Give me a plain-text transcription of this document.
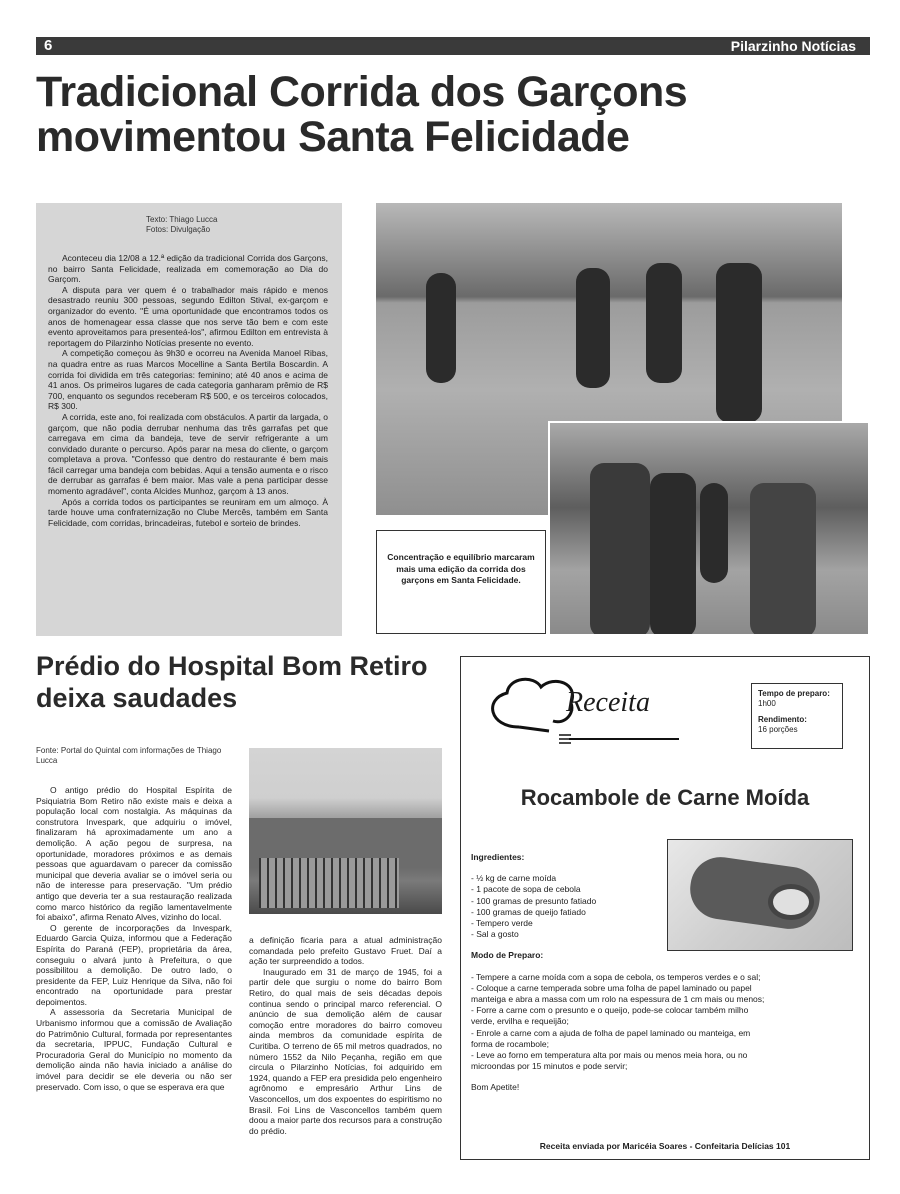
6	Pilarzinho Notícias
Tradicional Corrida dos Garçons movimentou Santa Felicidade
Texto: Thiago Lucca
Fotos: Divulgação

Aconteceu dia 12/08 a 12.ª edição da tradicional Corrida dos Garçons, no bairro Santa Felicidade, realizada em comemoração ao Dia do Garçom.

A disputa para ver quem é o trabalhador mais rápido e menos desastrado reuniu 300 pessoas, segundo Edilton Stival, ex-garçom e organizador do evento. "É uma oportunidade que encontramos todos os anos de homenagear essa classe que nos serve tão bem e com este evento aproveitamos para presenteá-los", afirmou Edilton em entrevista à reportagem do Pilarzinho Notícias presente no evento.

A competição começou às 9h30 e ocorreu na Avenida Manoel Ribas, na quadra entre as ruas Marcos Mocelline a Santa Bertila Boscardin. A corrida foi dividida em três categorias: feminino; até 40 anos e acima de 41 anos. Os primeiros lugares de cada categoria ganharam prêmio de R$ 700, enquanto os segundos receberam R$ 500, e os terceiros colocados, R$ 300.

A corrida, este ano, foi realizada com obstáculos. A partir da largada, o garçom, que não podia derrubar nenhuma das três garrafas pet que carregava em cima da bandeja, teve de servir refrigerante a um convidado durante o percurso. Após parar na mesa do cliente, o garçom completava a prova. "Confesso que dentro do restaurante é bem mais fácil carregar uma bandeja com bebidas. Aqui a tensão aumenta e o risco de derrubar as garrafas é bem maior. Mas vale a pena participar desse momento agradável", conta Alcides Munhoz, garçom à 13 anos.

Após a corrida todos os participantes se reuniram em um almoço. À tarde houve uma confraternização no Clube Mercês, também em Santa Felicidade, com corridas, brincadeiras, futebol e sorteio de brindes.

Concentração e equilíbrio marcaram mais uma edição da corrida dos garçons em Santa Felicidade.
Prédio do Hospital Bom Retiro deixa saudades
Fonte: Portal do Quintal com informações de Thiago Lucca

O antigo prédio do Hospital Espírita de Psiquiatria Bom Retiro não existe mais e deixa a população local com nostalgia. As máquinas da construtora Invespark, que adquiriu o imóvel, finalizaram há aproximadamente um ano a demolição. A ação pegou de surpresa, na oportunidade, moradores próximos e as demais pessoas que aguardavam o parecer da comissão municipal que deveria avaliar se o imóvel seria ou não de interesse para preservação. "Um prédio antigo que deveria ter a sua restauração realizada como marco histórico da região lamentavelmente foi abaixo", afirma Renato Alves, vizinho do local.

O gerente de incorporações da Invespark, Eduardo Garcia Quiza, informou que a Federação Espírita do Paraná (FEP), proprietária da área, conseguiu o alvará junto à Prefeitura, o que possibilitou a demolição. De outro lado, o presidente da FEP, Luiz Henrique da Silva, não foi encontrado na oportunidade para prestar depoimentos.

A assessoria da Secretaria Municipal de Urbanismo informou que a comissão de Avaliação do Patrimônio Cultural, formada por representantes da secretaria, IPPUC, Fundação Cultural e Procuradoria Geral do Município no momento da demolição ainda não havia iniciado a análise do imóvel para decidir se ele deveria ou não ser preservado. Com isso, o que se esperava era que

a definição ficaria para a atual administração comandada pelo prefeito Gustavo Fruet. Daí a ação ter surpreendido a todos.

Inaugurado em 31 de março de 1945, foi a partir dele que surgiu o nome do bairro Bom Retiro, do qual mais de seis décadas depois continua sendo o principal marco referencial. O anúncio de sua demolição além de causar comoção entre moradores do bairro comoveu ainda membros da comunidade espírita de Curitiba. O terreno de 65 mil metros quadrados, no número 1552 da Nilo Peçanha, região em que circula o Pilarzinho Notícias, foi adquirido em 1924, quando a FEP era presidida pelo engenheiro agrônomo e empresário Arthur Lins de Vasconcellos, um dos expoentes do espiritismo no Brasil. Foi Lins de Vasconcellos também quem doou a maior parte dos recursos para a construção do prédio.

Receita	Tempo de preparo:
1h00
Rendimento:
16 porções
Rocambole de Carne Moída
Ingredientes:
- ½ kg de carne moída
- 1 pacote de sopa de cebola
- 100 gramas de presunto fatiado
- 100 gramas de queijo fatiado
- Tempero verde
- Sal a gosto
Modo de Preparo:
- Tempere a carne moída com a sopa de cebola, os temperos verdes e o sal;
- Coloque a carne temperada sobre uma folha de papel laminado ou papel manteiga e abra a massa com um rolo na espessura de 1 cm mais ou menos;
- Forre a carne com o presunto e o queijo, pode-se colocar também milho verde, ervilha e requeijão;
- Enrole a carne com a ajuda de folha de papel laminado ou manteiga, em forma de rocambole;
- Leve ao forno em temperatura alta por mais ou menos meia hora, ou no microondas por 15 minutos e pode servir;
Bom Apetite!
Receita enviada por Maricéia Soares - Confeitaria Delícias 101
